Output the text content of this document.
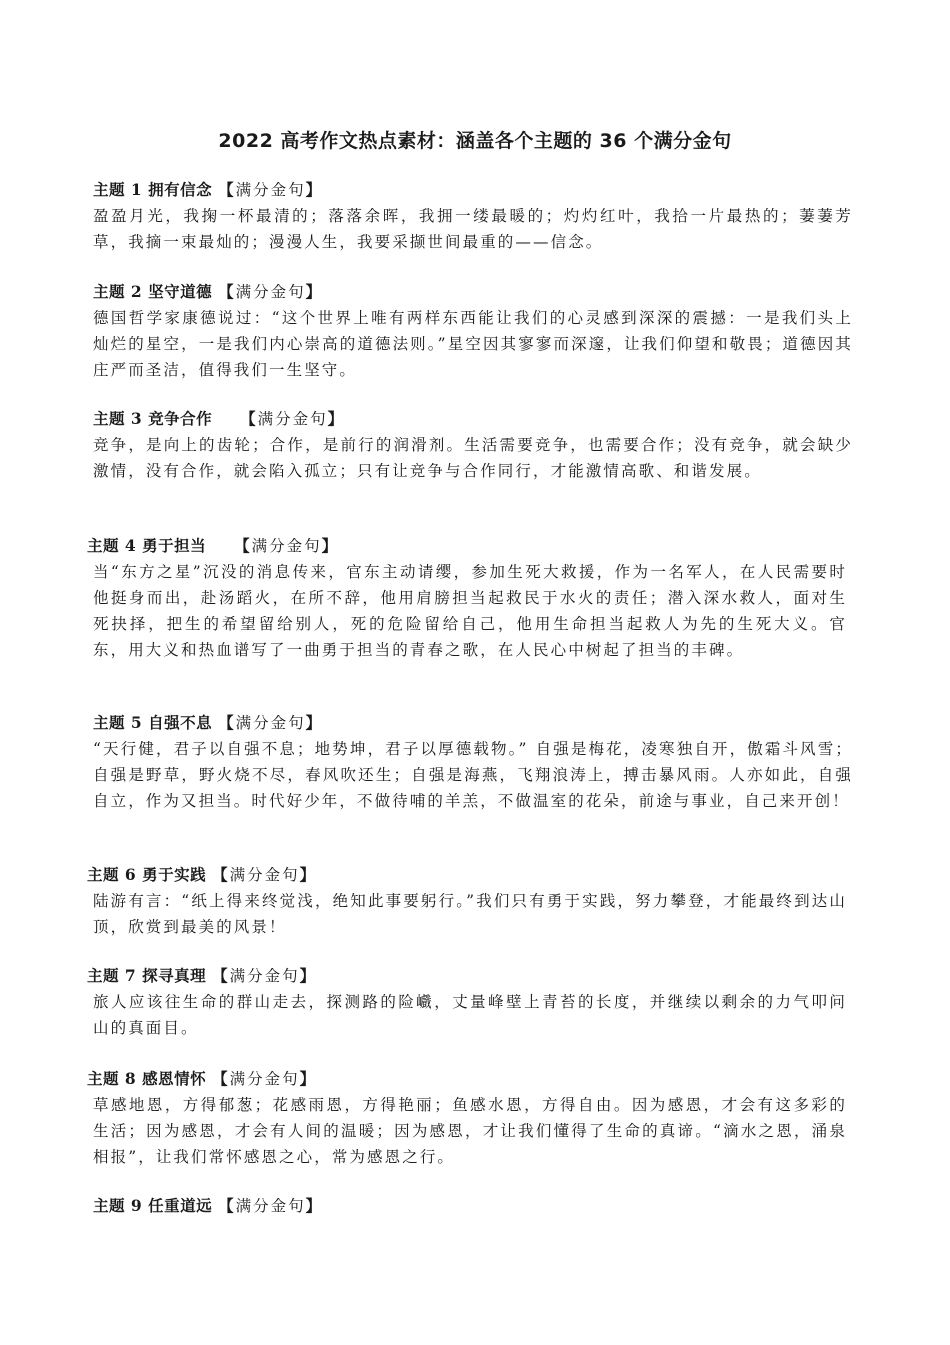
2022 高考作文热点素材：涵盖各个主题的 36 个满分金句
主题 1 拥有信念 【满分金句】
盈盈月光，我掬一杯最清的；落落余晖，我拥一缕最暖的；灼灼红叶，我拾一片最热的；萋萋芳草，我摘一束最灿的；漫漫人生，我要采撷世间最重的——信念。
主题 2 坚守道德 【满分金句】
德国哲学家康德说过：“这个世界上唯有两样东西能让我们的心灵感到深深的震撼：一是我们头上灿烂的星空，一是我们内心崇高的道德法则。”星空因其寥寥而深邃，让我们仰望和敬畏；道德因其庄严而圣洁，值得我们一生坚守。
主题 3 竞争合作 【满分金句】
竞争，是向上的齿轮；合作，是前行的润滑剂。生活需要竞争，也需要合作；没有竞争，就会缺少激情，没有合作，就会陷入孤立；只有让竞争与合作同行，才能激情高歌、和谐发展。
主题 4 勇于担当 【满分金句】
当“东方之星”沉没的消息传来，官东主动请缨，参加生死大救援，作为一名军人，在人民需要时他挺身而出，赴汤蹈火，在所不辞，他用肩膀担当起救民于水火的责任；潜入深水救人，面对生死抉择，把生的希望留给别人，死的危险留给自己，他用生命担当起救人为先的生死大义。官东，用大义和热血谱写了一曲勇于担当的青春之歌，在人民心中树起了担当的丰碑。
主题 5 自强不息 【满分金句】
“天行健，君子以自强不息；地势坤，君子以厚德载物。” 自强是梅花，凌寒独自开，傲霜斗风雪；自强是野草，野火烧不尽，春风吹还生；自强是海燕，飞翔浪涛上，搏击暴风雨。人亦如此，自强自立，作为又担当。时代好少年，不做待哺的羊羔，不做温室的花朵，前途与事业，自己来开创！
主题 6 勇于实践 【满分金句】
陆游有言：“纸上得来终觉浅，绝知此事要躬行。”我们只有勇于实践，努力攀登，才能最终到达山顶，欣赏到最美的风景！
主题 7 探寻真理 【满分金句】
旅人应该往生命的群山走去，探测路的险巇，丈量峰壁上青苔的长度，并继续以剩余的力气叩问山的真面目。
主题 8 感恩情怀 【满分金句】
草感地恩，方得郁葱；花感雨恩，方得艳丽；鱼感水恩，方得自由。因为感恩，才会有这多彩的生活；因为感恩，才会有人间的温暖；因为感恩，才让我们懂得了生命的真谛。“滴水之恩，涌泉相报”，让我们常怀感恩之心，常为感恩之行。
主题 9 任重道远 【满分金句】
